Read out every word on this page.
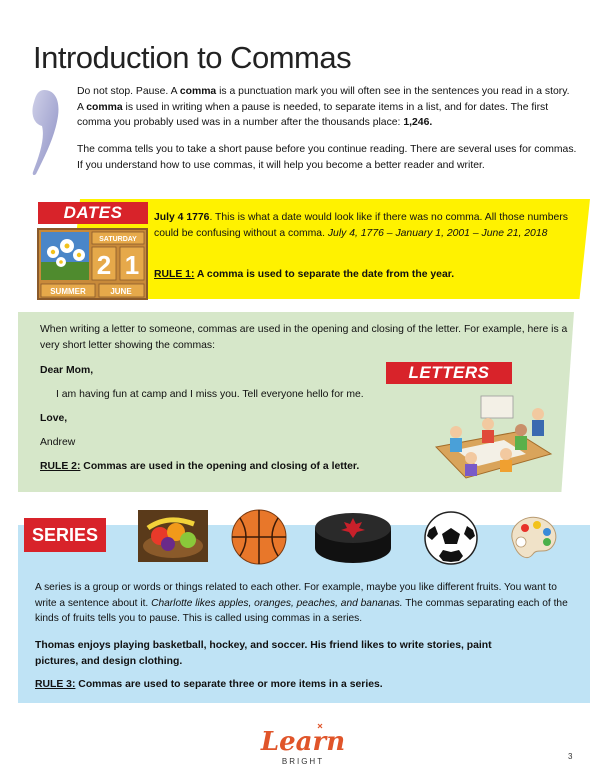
Introduction to Commas
Do not stop. Pause. A comma is a punctuation mark you will often see in the sentences you read in a story. A comma is used in writing when a pause is needed, to separate items in a list, and for dates. The first comma you probably used was in a number after the thousands place: 1,246.
The comma tells you to take a short pause before you continue reading. There are several uses for commas. If you understand how to use commas, it will help you become a better reader and writer.
DATES
SATURDAY
2 1
SUMMER	JUNE
July 4 1776. This is what a date would look like if there was no comma. All those numbers could be confusing without a comma. July 4, 1776 – January 1, 2001 – June 21, 2018
RULE 1: A comma is used to separate the date from the year.
When writing a letter to someone, commas are used in the opening and closing of the letter. For example, here is a very short letter showing the commas:
LETTERS
Dear Mom,
I am having fun at camp and I miss you. Tell everyone hello for me.
Love,
Andrew
RULE 2: Commas are used in the opening and closing of a letter.
SERIES
A series is a group or words or things related to each other. For example, maybe you like different fruits. You want to write a sentence about it. Charlotte likes apples, oranges, peaches, and bananas. The commas separating each of the kinds of fruits tells you to pause. This is called using commas in a series.
Thomas enjoys playing basketball, hockey, and soccer. His friend likes to write stories, paint pictures, and design clothing.
RULE 3: Commas are used to separate three or more items in a series.
Learn
BRIGHT
3
